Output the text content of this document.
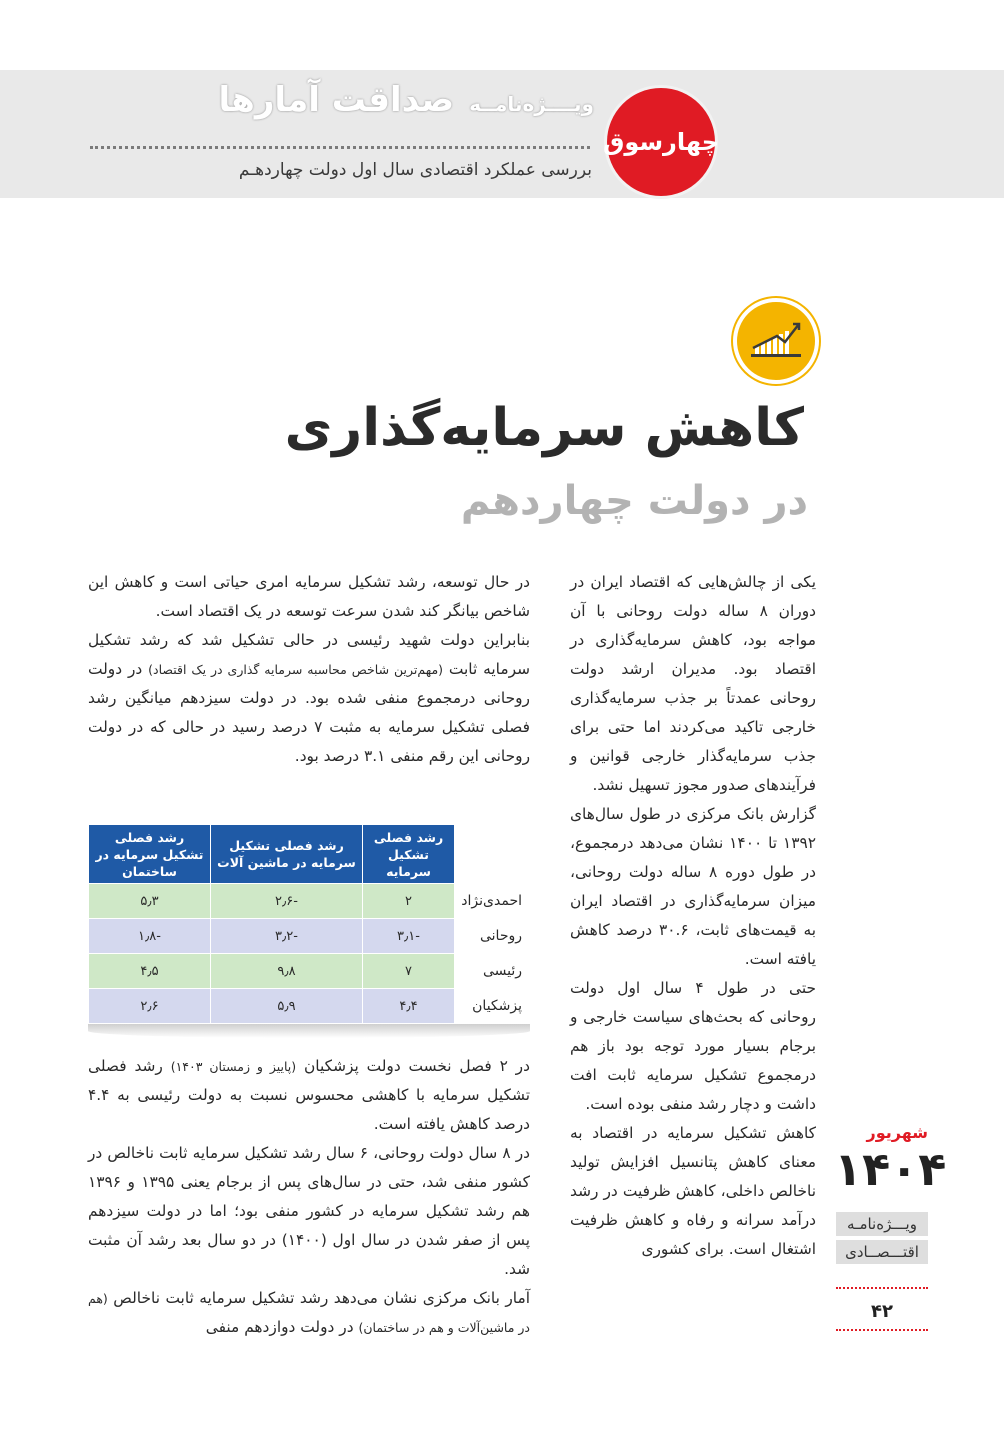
ویــــژه‌نامــه صداقت آمارها
بررسی عملکرد اقتصادی سال اول دولت چهاردهـم
چهارسوق
کاهش سرمایه‌گذاری
در دولت چهاردهم

یکی از چالش‌هایی که اقتصاد ایران در دوران ۸ ساله دولت روحانی با آن مواجه بود، کاهش سرمایه‌گذاری در اقتصاد بود. مدیران ارشد دولت روحانی عمدتاً بر جذب سرمایه‌گذاری خارجی تاکید می‌کردند اما حتی برای جذب سرمایه‌گذار خارجی قوانین و فرآیندهای صدور مجوز تسهیل نشد.

گزارش بانک مرکزی در طول سال‌های ۱۳۹۲ تا ۱۴۰۰ نشان می‌دهد درمجموع، در طول دوره ۸ ساله دولت روحانی، میزان سرمایه‌گذاری در اقتصاد ایران به قیمت‌های ثابت، ۳۰.۶ درصد کاهش یافته است.

حتی در طول ۴ سال اول دولت روحانی که بحث‌های سیاست خارجی و برجام بسیار مورد توجه بود باز هم درمجموع تشکیل سرمایه ثابت افت داشت و دچار رشد منفی بوده است.

کاهش تشکیل سرمایه در اقتصاد به معنای کاهش پتانسیل افزایش تولید ناخالص داخلی، کاهش ظرفیت در رشد درآمد سرانه و رفاه و کاهش ظرفیت اشتغال است. برای کشوری

در حال توسعه، رشد تشکیل سرمایه امری حیاتی است و کاهش این شاخص بیانگر کند شدن سرعت توسعه در یک اقتصاد است.

بنابراین دولت شهید رئیسی در حالی تشکیل شد که رشد تشکیل سرمایه ثابت (مهم‌ترین شاخص محاسبه سرمایه گذاری در یک اقتصاد) در دولت روحانی درمجموع منفی شده بود. در دولت سیزدهم میانگین رشد فصلی تشکیل سرمایه به مثبت ۷ درصد رسید در حالی که در دولت روحانی این رقم منفی ۳.۱ درصد بود.

	رشد فصلی تشکیل سرمایه	رشد فصلی تشکیل سرمایه در ماشین آلات	رشد فصلی تشکیل سرمایه در ساختمان
احمدی‌نژاد	۲	-۲٫۶	۵٫۳
روحانی	-۳٫۱	-۳٫۲	-۱٫۸
رئیسی	۷	۹٫۸	۴٫۵
پزشکیان	۴٫۴	۵٫۹	۲٫۶

در ۲ فصل نخست دولت پزشکیان (پاییز و زمستان ۱۴۰۳) رشد فصلی تشکیل سرمایه با کاهشی محسوس نسبت به دولت رئیسی به ۴.۴ درصد کاهش یافته است.

در ۸ سال دولت روحانی، ۶ سال رشد تشکیل سرمایه ثابت ناخالص در کشور منفی شد، حتی در سال‌های پس از برجام یعنی ۱۳۹۵ و ۱۳۹۶ هم رشد تشکیل سرمایه در کشور منفی بود؛ اما در دولت سیزدهم پس از صفر شدن در سال اول (۱۴۰۰) در دو سال بعد رشد آن مثبت شد.

آمار بانک مرکزی نشان می‌دهد رشد تشکیل سرمایه ثابت ناخالص (هم در ماشین‌آلات و هم در ساختمان) در دولت دوازدهم منفی

شهریور
۱۴۰۴
ویـــژه‌نامـه
اقتـــصــادی
۴۲
